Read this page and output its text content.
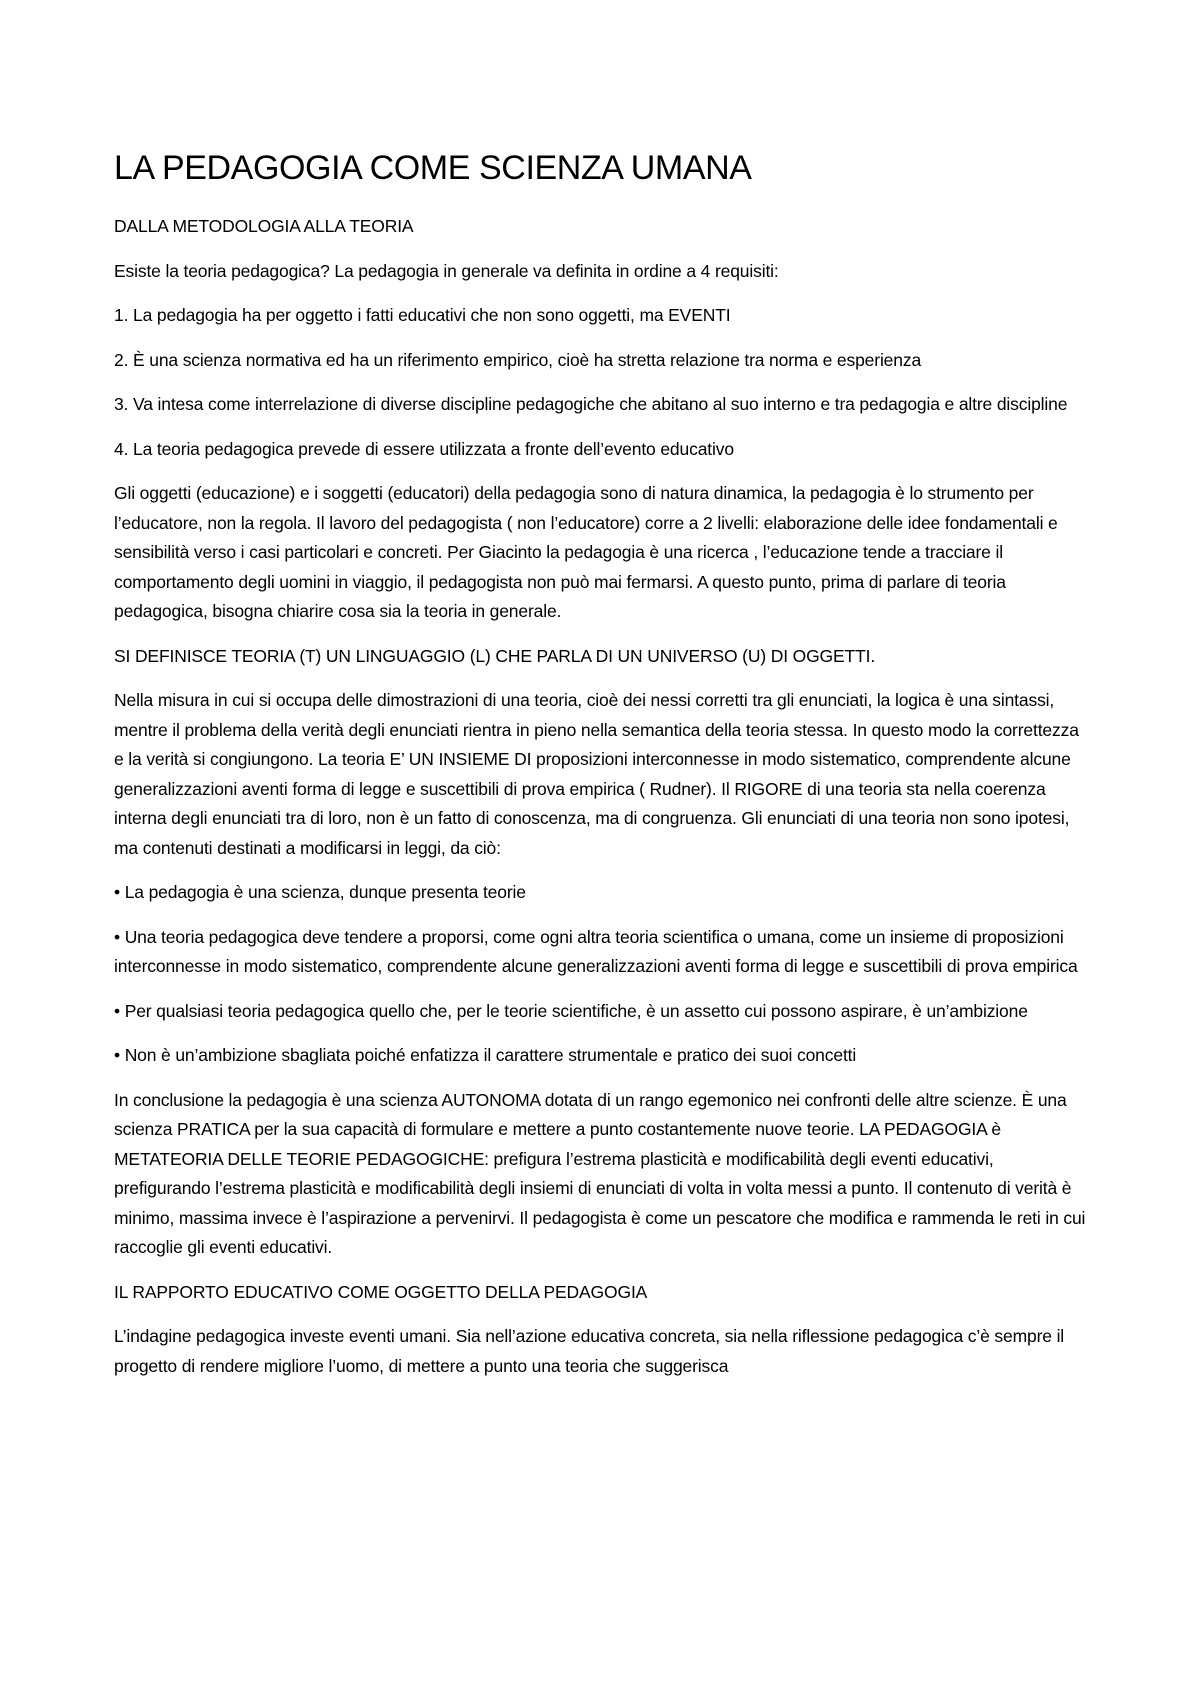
LA PEDAGOGIA COME SCIENZA UMANA

DALLA METODOLOGIA ALLA TEORIA

Esiste la teoria pedagogica? La pedagogia in generale va definita in ordine a 4 requisiti:

1. La pedagogia ha per oggetto i fatti educativi che non sono oggetti, ma EVENTI

2. È una scienza normativa ed ha un riferimento empirico, cioè ha stretta relazione tra norma e esperienza

3. Va intesa come interrelazione di diverse discipline pedagogiche che abitano al suo interno e tra pedagogia e altre discipline

4. La teoria pedagogica prevede di essere utilizzata a fronte dell’evento educativo

Gli oggetti (educazione) e i soggetti (educatori) della pedagogia sono di natura dinamica, la pedagogia è lo strumento per l’educatore, non la regola. Il lavoro del pedagogista ( non l’educatore) corre a 2 livelli: elaborazione delle idee fondamentali e sensibilità verso i casi particolari e concreti. Per Giacinto la pedagogia è una ricerca , l’educazione tende a tracciare il comportamento degli uomini in viaggio, il pedagogista non può mai fermarsi. A questo punto, prima di parlare di teoria pedagogica, bisogna chiarire cosa sia la teoria in generale.

SI DEFINISCE TEORIA (T) UN LINGUAGGIO (L) CHE PARLA DI UN UNIVERSO (U) DI OGGETTI.

Nella misura in cui si occupa delle dimostrazioni di una teoria, cioè dei nessi corretti tra gli enunciati, la logica è una sintassi, mentre il problema della verità degli enunciati rientra in pieno nella semantica della teoria stessa. In questo modo la correttezza e la verità si congiungono. La teoria E’ UN INSIEME DI proposizioni interconnesse in modo sistematico, comprendente alcune generalizzazioni aventi forma di legge e suscettibili di prova empirica ( Rudner). Il RIGORE di una teoria sta nella coerenza interna degli enunciati tra di loro, non è un fatto di conoscenza, ma di congruenza. Gli enunciati di una teoria non sono ipotesi, ma contenuti destinati a modificarsi in leggi, da ciò:

• La pedagogia è una scienza, dunque presenta teorie

• Una teoria pedagogica deve tendere a proporsi, come ogni altra teoria scientifica o umana, come un insieme di proposizioni interconnesse in modo sistematico, comprendente alcune generalizzazioni aventi forma di legge e suscettibili di prova empirica

• Per qualsiasi teoria pedagogica quello che, per le teorie scientifiche, è un assetto cui possono aspirare, è un’ambizione

• Non è un’ambizione sbagliata poiché enfatizza il carattere strumentale e pratico dei suoi concetti

In conclusione la pedagogia è una scienza AUTONOMA dotata di un rango egemonico nei confronti delle altre scienze. È una scienza PRATICA per la sua capacità di formulare e mettere a punto costantemente nuove teorie. LA PEDAGOGIA è METATEORIA DELLE TEORIE PEDAGOGICHE: prefigura l’estrema plasticità e modificabilità degli eventi educativi, prefigurando l’estrema plasticità e modificabilità degli insiemi di enunciati di volta in volta messi a punto. Il contenuto di verità è minimo, massima invece è l’aspirazione a pervenirvi. Il pedagogista è come un pescatore che modifica e rammenda le reti in cui raccoglie gli eventi educativi.

IL RAPPORTO EDUCATIVO COME OGGETTO DELLA PEDAGOGIA

L’indagine pedagogica investe eventi umani. Sia nell’azione educativa concreta, sia nella riflessione pedagogica c’è sempre il progetto di rendere migliore l’uomo, di mettere a punto una teoria che suggerisca
